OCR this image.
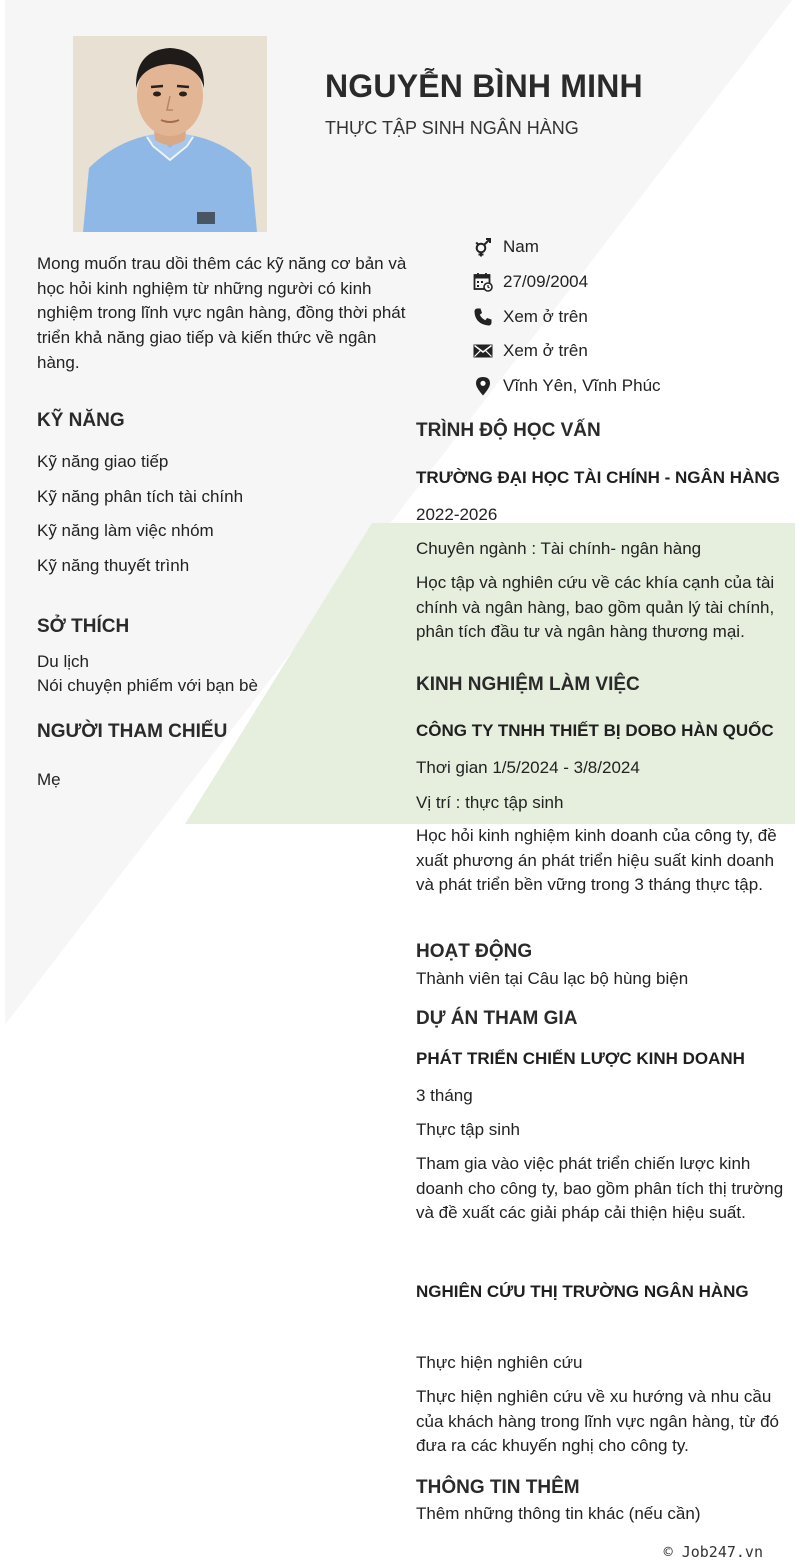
NGUYỄN BÌNH MINH
THỰC TẬP SINH NGÂN HÀNG
Nam
27/09/2004
Xem ở trên
Xem ở trên
Vĩnh Yên, Vĩnh Phúc
Mong muốn trau dồi thêm các kỹ năng cơ bản và học hỏi kinh nghiệm từ những người có kinh nghiệm trong lĩnh vực ngân hàng, đồng thời phát triển khả năng giao tiếp và kiến thức về ngân hàng.
KỸ NĂNG
Kỹ năng giao tiếp
Kỹ năng phân tích tài chính
Kỹ năng làm việc nhóm
Kỹ năng thuyết trình
SỞ THÍCH
Du lịch
Nói chuyện phiếm với bạn bè
NGƯỜI THAM CHIẾU
Mẹ
TRÌNH ĐỘ HỌC VẤN
TRƯỜNG ĐẠI HỌC TÀI CHÍNH - NGÂN HÀNG
2022-2026
Chuyên ngành : Tài chính- ngân hàng
Học tập và nghiên cứu về các khía cạnh của tài chính và ngân hàng, bao gồm quản lý tài chính, phân tích đầu tư và ngân hàng thương mại.
KINH NGHIỆM LÀM VIỆC
CÔNG TY TNHH THIẾT BỊ DOBO HÀN QUỐC
Thơi gian 1/5/2024 - 3/8/2024
Vị trí : thực tập sinh
Học hỏi kinh nghiệm kinh doanh của công ty, đề xuất phương án phát triển hiệu suất kinh doanh và phát triển bền vững trong 3 tháng thực tập.
HOẠT ĐỘNG
Thành viên tại Câu lạc bộ hùng biện
DỰ ÁN THAM GIA
PHÁT TRIỂN CHIẾN LƯỢC KINH DOANH
3 tháng
Thực tập sinh
Tham gia vào việc phát triển chiến lược kinh doanh cho công ty, bao gồm phân tích thị trường và đề xuất các giải pháp cải thiện hiệu suất.
NGHIÊN CỨU THỊ TRƯỜNG NGÂN HÀNG
Thực hiện nghiên cứu
Thực hiện nghiên cứu về xu hướng và nhu cầu của khách hàng trong lĩnh vực ngân hàng, từ đó đưa ra các khuyến nghị cho công ty.
THÔNG TIN THÊM
Thêm những thông tin khác (nếu cần)
© Job247.vn
